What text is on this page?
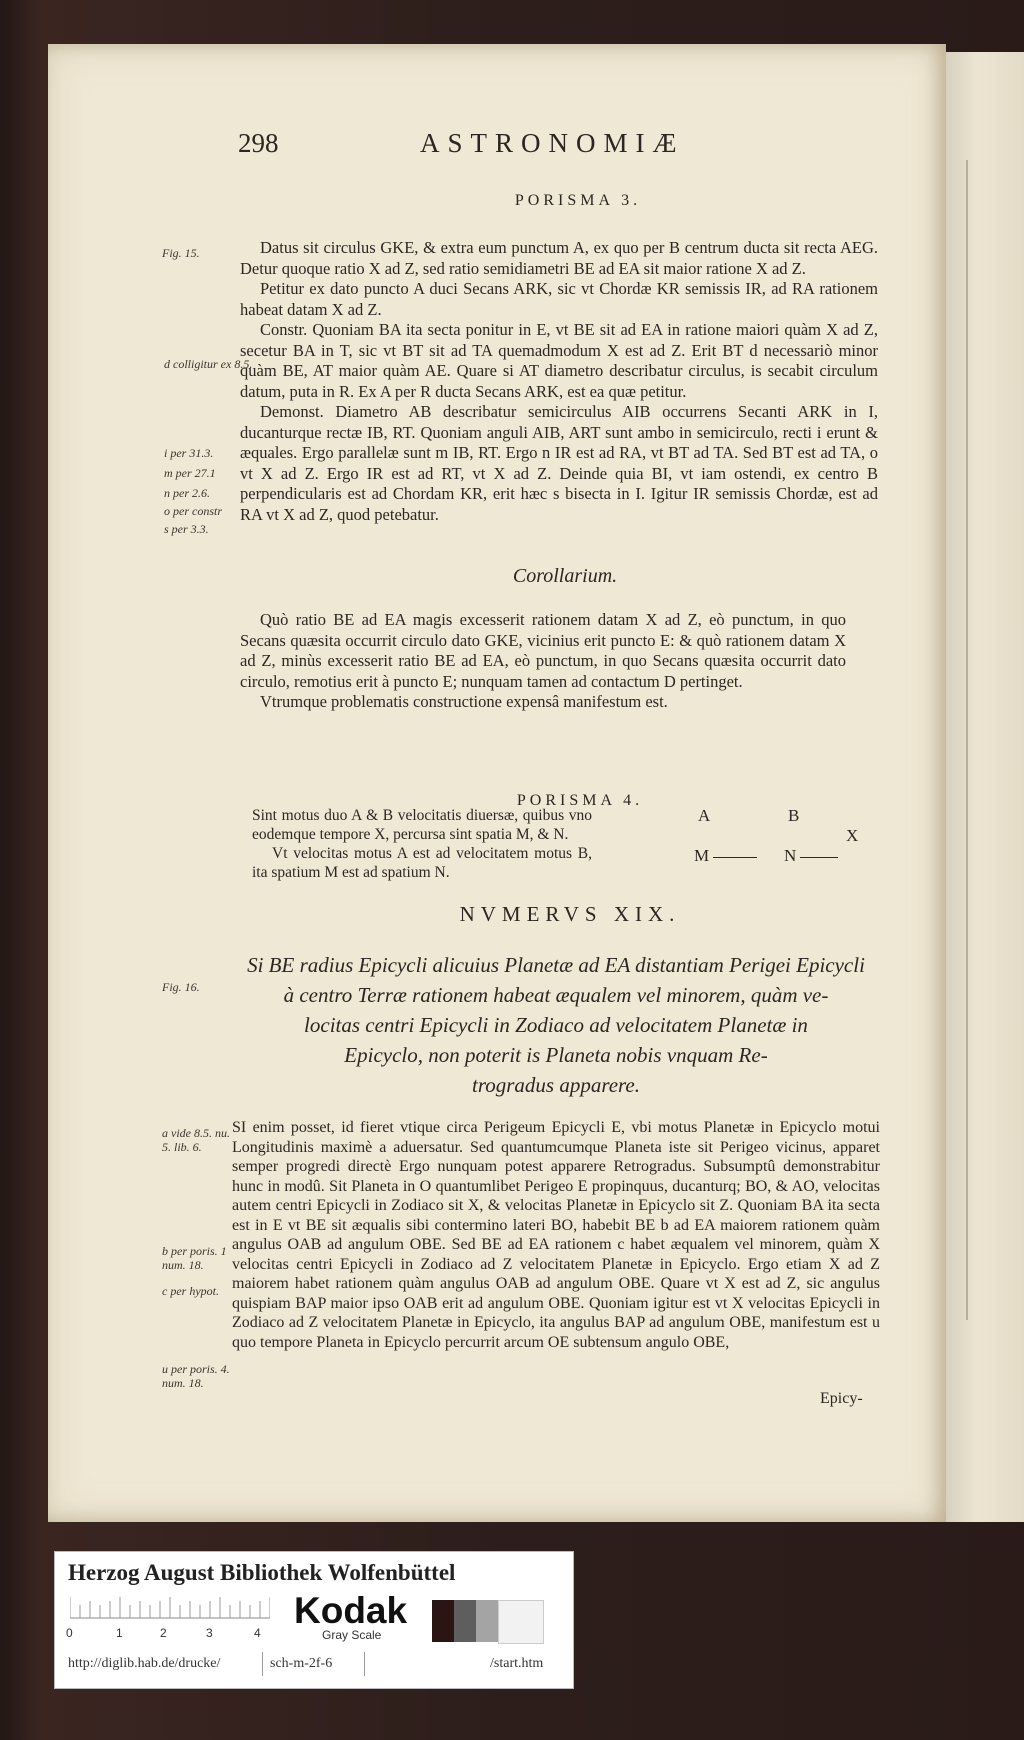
298	ASTRONOMIÆ
PORISMA 3.
Fig. 15.	Datus sit circulus GKE, & extra eum punctum A, ex quo per B centrum ducta sit recta AEG. Detur quoque ratio X ad Z, sed ratio semidiametri BE ad EA sit maior ratione X ad Z.

Petitur ex dato puncto A duci Secans ARK, sic vt Chordæ KR semissis IR, ad RA rationem habeat datam X ad Z.

Constr. Quoniam BA ita secta ponitur in E, vt BE sit ad EA in ratione maiori quàm X ad Z, secetur BA in T, sic vt BT sit ad TA quemadmodum X est ad Z. Erit BT d necessariò minor quàm BE, AT maior quàm AE. Quare si AT diametro describatur circulus, is secabit circulum datum, puta in R. Ex A per R ducta Secans ARK, est ea quæ petitur.

Demonst. Diametro AB describatur semicirculus AIB occurrens Secanti ARK in I, ducanturque rectæ IB, RT. Quoniam anguli AIB, ART sunt ambo in semicirculo, recti i erunt & æquales. Ergo parallelæ sunt m IB, RT. Ergo n IR est ad RA, vt BT ad TA. Sed BT est ad TA, o vt X ad Z. Ergo IR est ad RT, vt X ad Z. Deinde quia BI, vt iam ostendi, ex centro B perpendicularis est ad Chordam KR, erit hæc s bisecta in I. Igitur IR semissis Chordæ, est ad RA vt X ad Z, quod petebatur.

d colligitur ex 8.5.
i per 31.3.
m per 27.1
n per 2.6.
o per constr
s per 3.3.
Corollarium.

Quò ratio BE ad EA magis excesserit rationem datam X ad Z, eò punctum, in quo Secans quæsita occurrit circulo dato GKE, vicinius erit puncto E: & quò rationem datam X ad Z, minùs excesserit ratio BE ad EA, eò punctum, in quo Secans quæsita occurrit dato circulo, remotius erit à puncto E; nunquam tamen ad contactum D pertinget.

Vtrumque problematis constructione expensâ manifestum est.

PORISMA 4.

Sint motus duo A & B velocitatis diuersæ, quibus vno eodemque tempore X, percursa sint spatia M, & N.

Vt velocitas motus A est ad velocitatem motus B, ita spatium M est ad spatium N.

A	B
X
M	N
NVMERVS XIX.
Fig. 16.
Si BE radius Epicycli alicuius Planetæ ad EA distantiam Perigei Epicycli
à centro Terræ rationem habeat æqualem vel minorem, quàm ve-
locitas centri Epicycli in Zodiaco ad velocitatem Planetæ in
Epicyclo, non poterit is Planeta nobis vnquam Re-
trogradus apparere.
SI enim posset, id fieret vtique circa Perigeum Epicycli E, vbi motus Planetæ in Epicyclo motui Longitudinis maximè a aduersatur. Sed quantumcumque Planeta iste sit Perigeo vicinus, apparet semper progredi directè Ergo nunquam potest apparere Retrogradus. Subsumptû demonstrabitur hunc in modû. Sit Planeta in O quantumlibet Perigeo E propinquus, ducanturq; BO, & AO, velocitas autem centri Epicycli in Zodiaco sit X, & velocitas Planetæ in Epicyclo sit Z. Quoniam BA ita secta est in E vt BE sit æqualis sibi contermino lateri BO, habebit BE b ad EA maiorem rationem quàm angulus OAB ad angulum OBE. Sed BE ad EA rationem c habet æqualem vel minorem, quàm X velocitas centri Epicycli in Zodiaco ad Z velocitatem Planetæ in Epicyclo. Ergo etiam X ad Z maiorem habet rationem quàm angulus OAB ad angulum OBE. Quare vt X est ad Z, sic angulus quispiam BAP maior ipso OAB erit ad angulum OBE. Quoniam igitur est vt X velocitas Epicycli in Zodiaco ad Z velocitatem Planetæ in Epicyclo, ita angulus BAP ad angulum OBE, manifestum est u quo tempore Planeta in Epicyclo percurrit arcum OE subtensum angulo OBE,
Epicy-
a vide 8.5. nu. 5. lib. 6.
b per poris. 1 num. 18.
c per hypot.
u per poris. 4. num. 18.
Herzog August Bibliothek Wolfenbüttel
0	1	2	3	4
Kodak
Gray Scale
http://diglib.hab.de/drucke/	sch-m-2f-6	/start.htm
